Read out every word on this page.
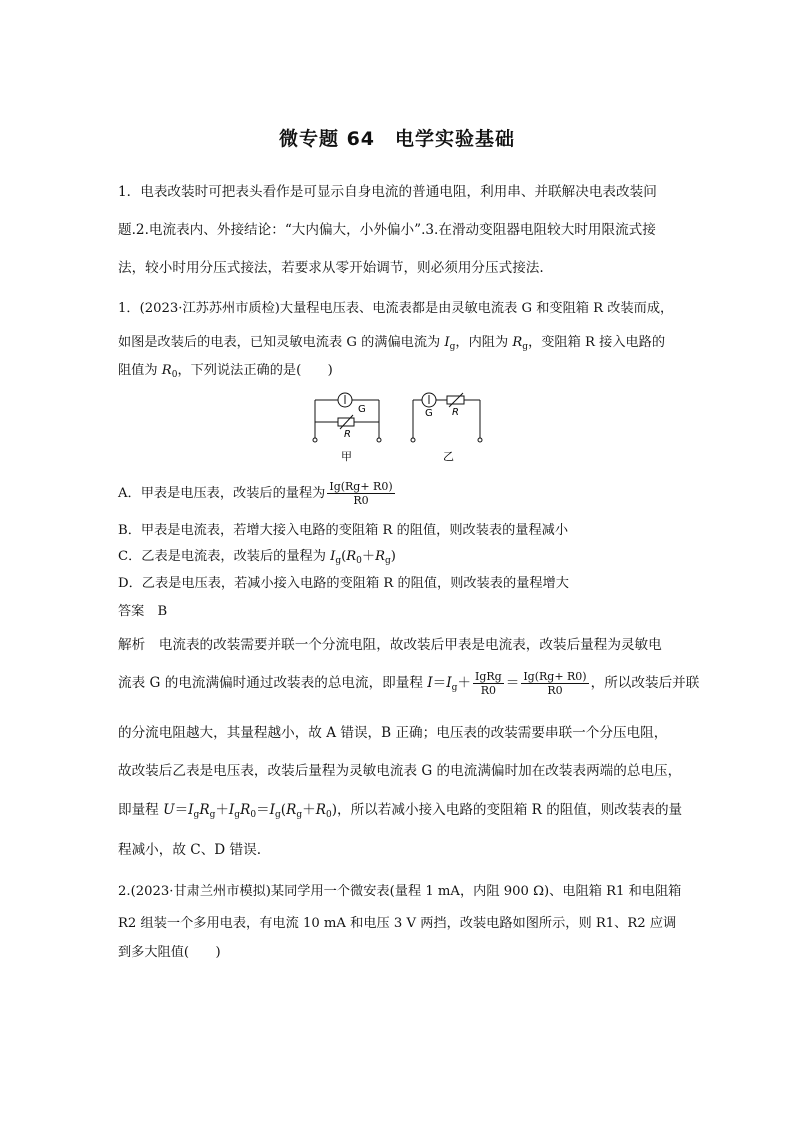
微专题 64　电学实验基础
1．电表改装时可把表头看作是可显示自身电流的普通电阻，利用串、并联解决电表改装问
题.2.电流表内、外接结论：“大内偏大，小外偏小”.3.在滑动变阻器电阻较大时用限流式接
法，较小时用分压式接法，若要求从零开始调节，则必须用分压式接法.
1．(2023·江苏苏州市质检)大量程电压表、电流表都是由灵敏电流表 G 和变阻箱 R 改装而成，
如图是改装后的电表，已知灵敏电流表 G 的满偏电流为 $I_g$，内阻为 $R_g$，变阻箱 R 接入电路的
阻值为 $R_0$，下列说法正确的是(　　)
G
R
甲
G R
乙
A．甲表是电压表，改装后的量程为 $\frac{Ig(Rg+ R0)}{R0}$
B．甲表是电流表，若增大接入电路的变阻箱 R 的阻值，则改装表的量程减小
C．乙表是电流表，改装后的量程为 $I_g(R_0+R_g)$
D．乙表是电压表，若减小接入电路的变阻箱 R 的阻值，则改装表的量程增大
答案　B
解析　电流表的改装需要并联一个分流电阻，故改装后甲表是电流表，改装后量程为灵敏电
流表 G 的电流满偏时通过改装表的总电流，即量程 $I=I_g+ \frac{\text{IgRg}}{R0} = \frac{Ig(Rg+ R0)}{R0}$ ，所以改装后并联
的分流电阻越大，其量程越小，故 A 错误，B 正确；电压表的改装需要串联一个分压电阻，
故改装后乙表是电压表，改装后量程为灵敏电流表 G 的电流满偏时加在改装表两端的总电压，
即量程 $U=I_gR_g+I_gR_0=I_g(R_g+R_0)$，所以若减小接入电路的变阻箱 R 的阻值，则改装表的量
程减小，故 C、D 错误.
2.(2023·甘肃兰州市模拟)某同学用一个微安表(量程 1 mA，内阻 900 Ω)、电阻箱 R1 和电阻箱
R2 组装一个多用电表，有电流 10 mA 和电压 3 V 两挡，改装电路如图所示，则 R1、R2 应调
到多大阻值(　　)
